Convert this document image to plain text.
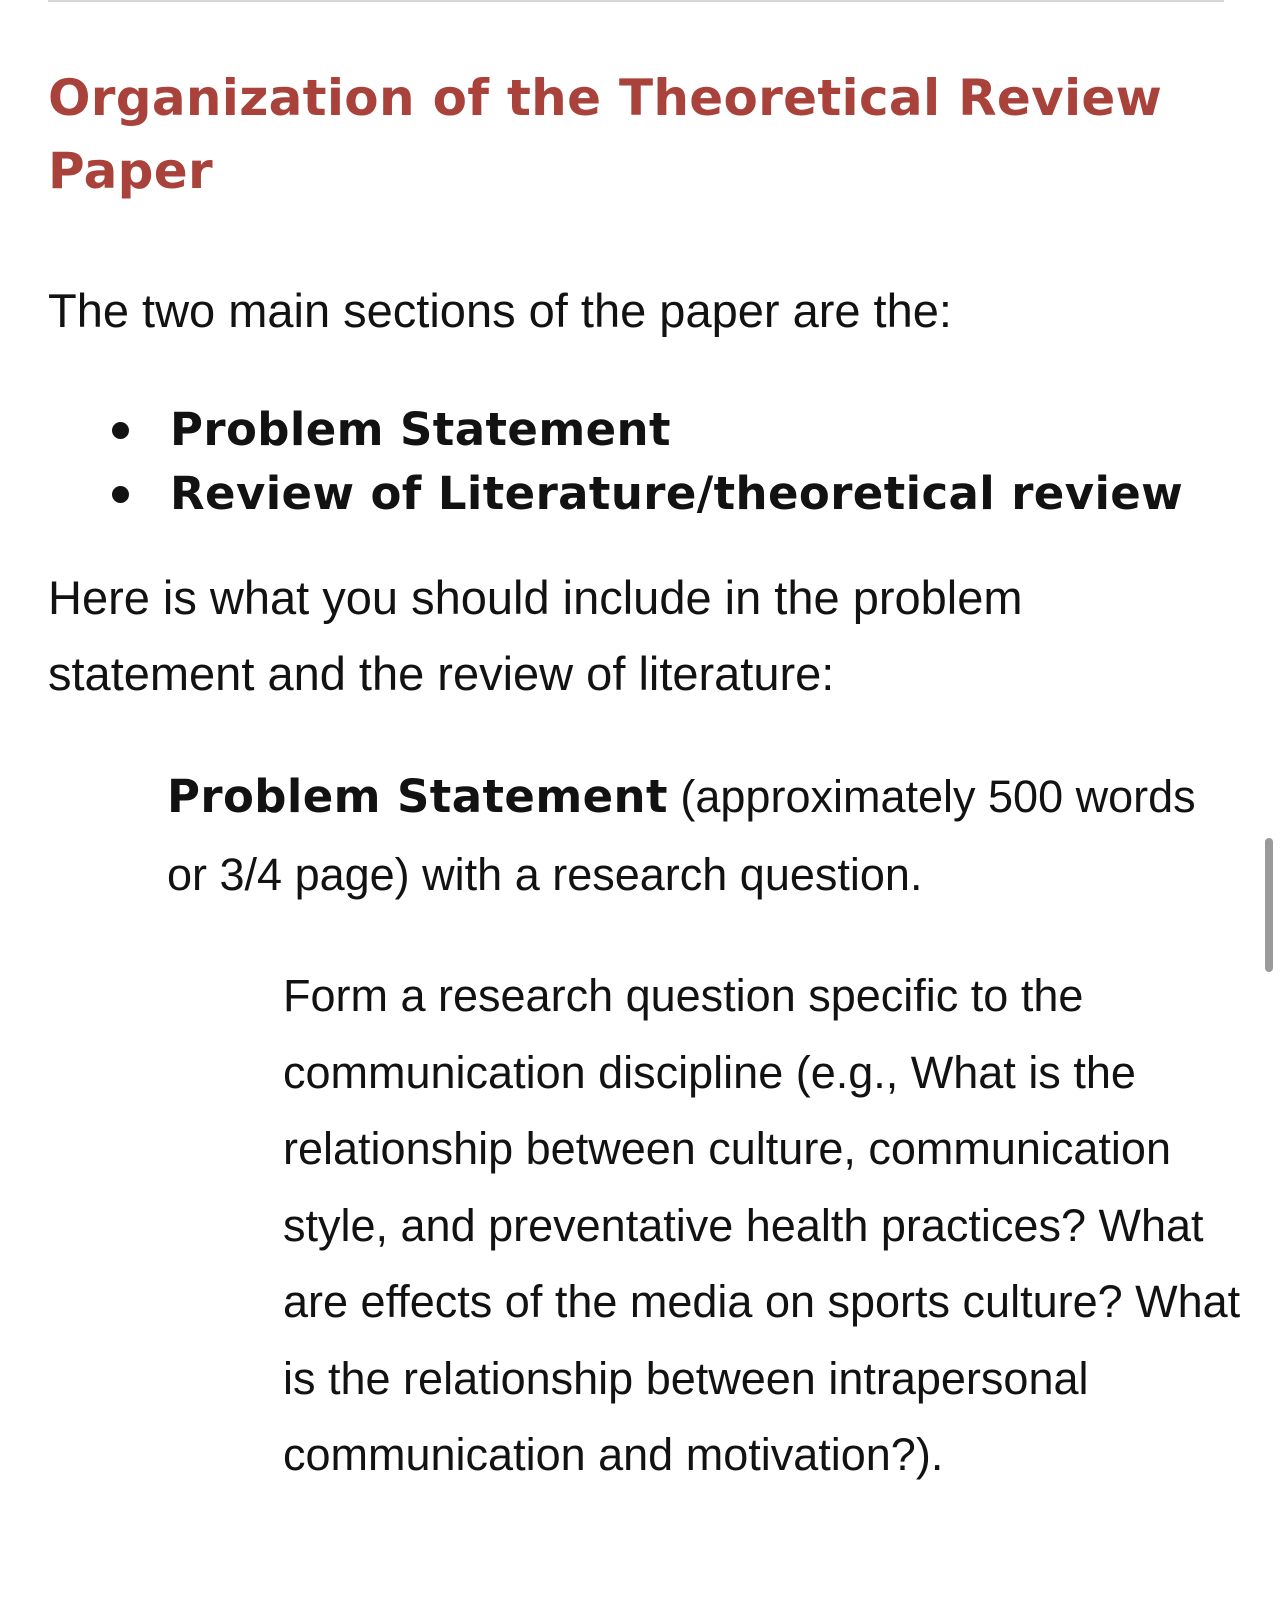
Organization of the Theoretical Review Paper

The two main sections of the paper are the:

Problem Statement
Review of Literature/theoretical review

Here is what you should include in the problem statement and the review of literature:

Problem Statement (approximately 500 words or 3/4 page) with a research question.

Form a research question specific to the communication discipline (e.g., What is the relationship between culture, communication style, and preventative health practices? What are effects of the media on sports culture? What is the relationship between intrapersonal communication and motivation?).
